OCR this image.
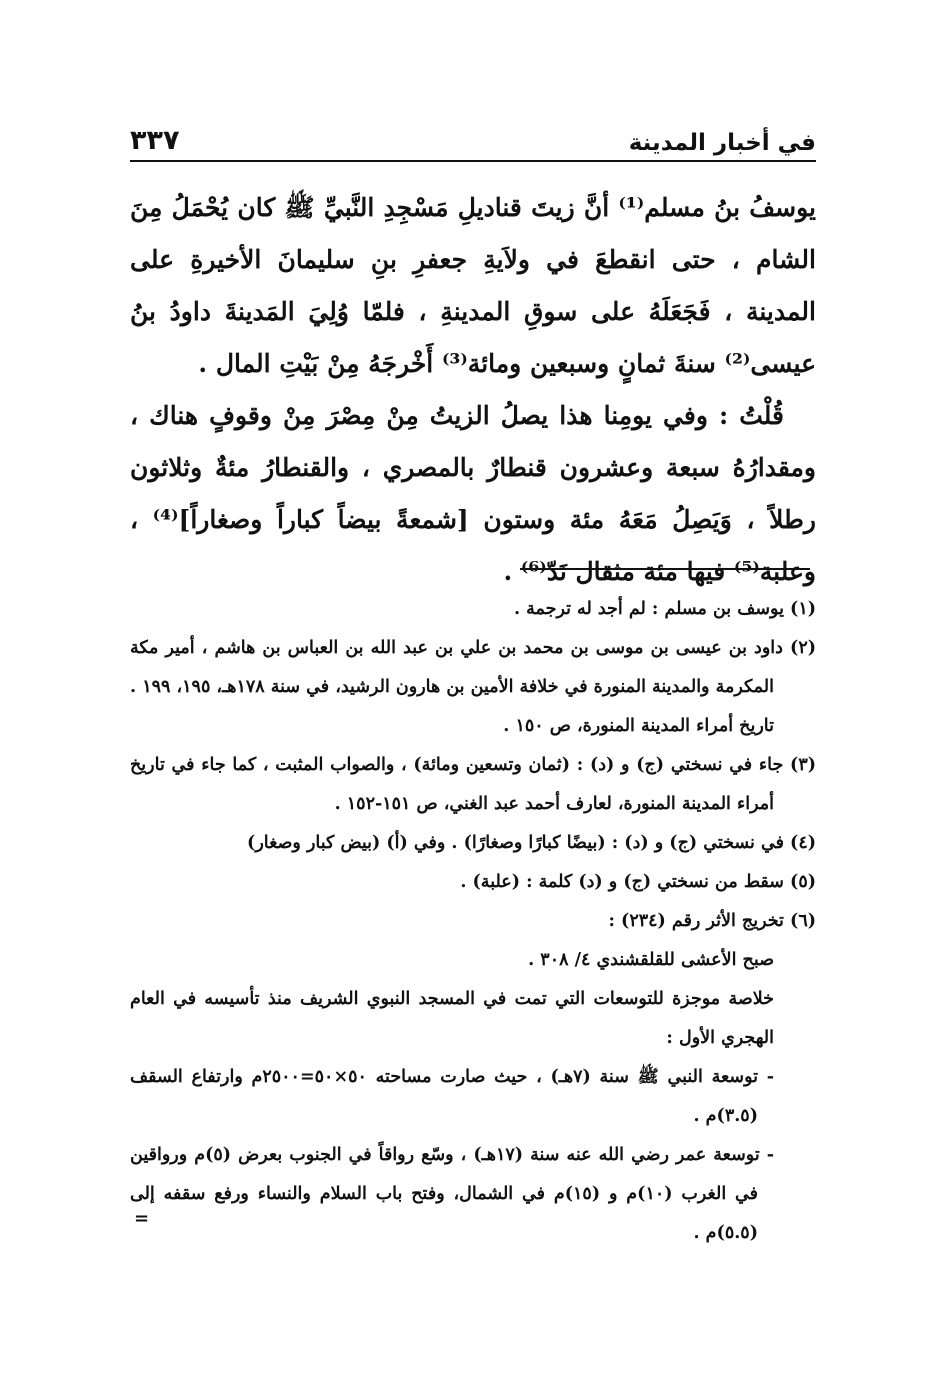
في أخبار المدينة
٣٣٧

يوسفُ بنُ مسلم⁽¹⁾ أنَّ زيتَ قناديلِ مَسْجِدِ النَّبيِّ ﷺ كان يُحْمَلُ مِنَ الشام ، حتى انقطعَ في ولاَيةِ جعفرِ بنِ سليمانَ الأخيرةِ على المدينة ، فَجَعَلَهُ على سوقِ المدينةِ ، فلمّا وُلِيَ المَدينةَ داودُ بنُ عيسى⁽²⁾ سنةَ ثمانٍ وسبعين ومائة⁽³⁾ أَخْرجَهُ مِنْ بَيْتِ المال .

قُلْتُ : وفي يومِنا هذا يصلُ الزيتُ مِنْ مِصْرَ مِنْ وقوفٍ هناك ، ومقدارُهُ سبعة وعشرون قنطارٌ بالمصري ، والقنطارُ مئةٌ وثلاثون رطلاً ، وَيَصِلُ مَعَهُ مئة وستون [شمعةً بيضاً كباراً وصغاراً]⁽⁴⁾ ، وعلبة⁽⁵⁾ فيها مئة مثقال نَدّ⁽⁶⁾ .

(١) يوسف بن مسلم : لم أجد له ترجمة .

(٢) داود بن عيسى بن موسى بن محمد بن علي بن عبد الله بن العباس بن هاشم ، أمير مكة المكرمة والمدينة المنورة في خلافة الأمين بن هارون الرشيد، في سنة ١٧٨هـ، ١٩٥، ١٩٩ . تاريخ أمراء المدينة المنورة، ص ١٥٠ .

(٣) جاء في نسختي (ج) و (د) : (ثمان وتسعين ومائة) ، والصواب المثبت ، كما جاء في تاريخ أمراء المدينة المنورة، لعارف أحمد عبد الغني، ص ١٥١-١٥٢ .

(٤) في نسختي (ج) و (د) : (بيضًا كبارًا وصغارًا) . وفي (أ) (بيض كبار وصغار)

(٥) سقط من نسختي (ج) و (د) كلمة : (علبة) .

(٦) تخريج الأثر رقم (٢٣٤) :

صبح الأعشى للقلقشندي ٤/ ٣٠٨ .

خلاصة موجزة للتوسعات التي تمت في المسجد النبوي الشريف منذ تأسيسه في العام الهجري الأول :

- توسعة النبي ﷺ سنة (٧هـ) ، حيث صارت مساحته ٥٠×٥٠=٢٥٠٠م وارتفاع السقف (٣.٥)م .

- توسعة عمر رضي الله عنه سنة (١٧هـ) ، وسّع رواقاً في الجنوب بعرض (٥)م ورواقين في الغرب (١٠)م و (١٥)م في الشمال، وفتح باب السلام والنساء ورفع سقفه إلى (٥.٥)م .

=
